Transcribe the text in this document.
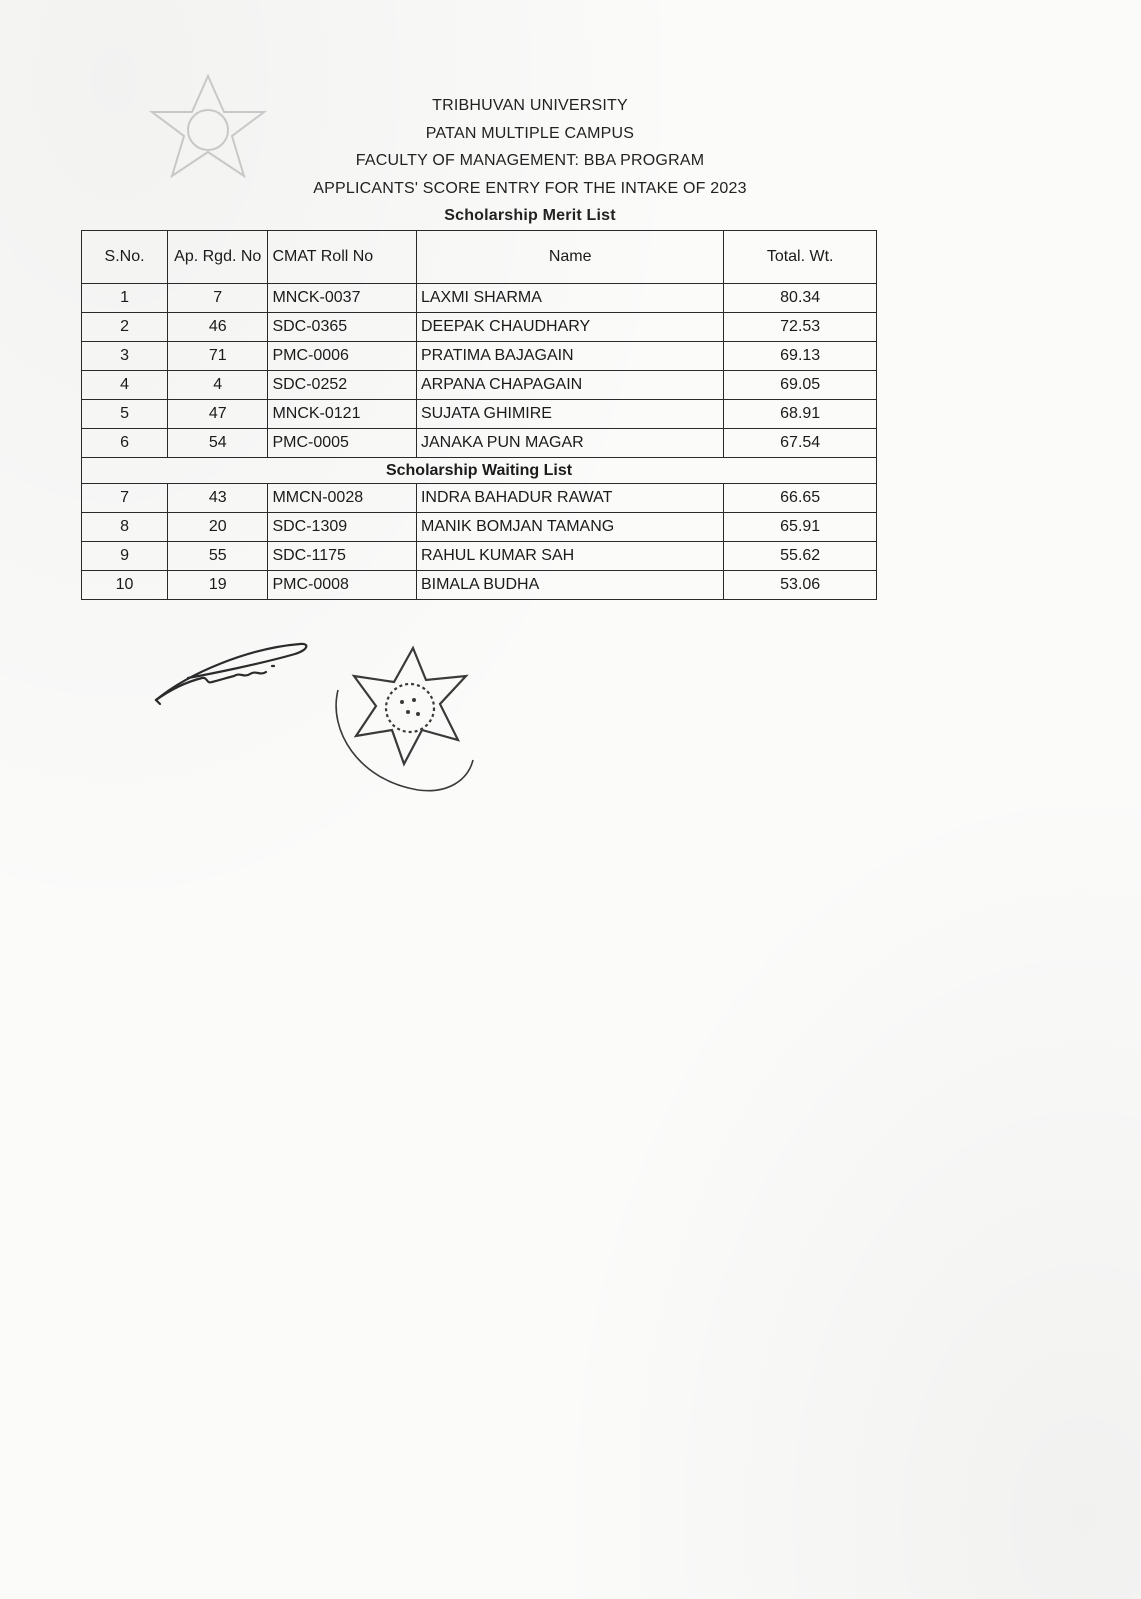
TRIBHUVAN UNIVERSITY
PATAN MULTIPLE CAMPUS
FACULTY OF MANAGEMENT: BBA PROGRAM
APPLICANTS' SCORE ENTRY FOR THE INTAKE OF 2023
Scholarship Merit List
S.No.	Ap. Rgd. No	CMAT Roll No	Name	Total. Wt.
1	7	MNCK-0037	LAXMI SHARMA	80.34
2	46	SDC-0365	DEEPAK CHAUDHARY	72.53
3	71	PMC-0006	PRATIMA BAJAGAIN	69.13
4	4	SDC-0252	ARPANA CHAPAGAIN	69.05
5	47	MNCK-0121	SUJATA GHIMIRE	68.91
6	54	PMC-0005	JANAKA PUN MAGAR	67.54
Scholarship Waiting List				
7	43	MMCN-0028	INDRA BAHADUR RAWAT	66.65
8	20	SDC-1309	MANIK BOMJAN TAMANG	65.91
9	55	SDC-1175	RAHUL KUMAR SAH	55.62
10	19	PMC-0008	BIMALA BUDHA	53.06
